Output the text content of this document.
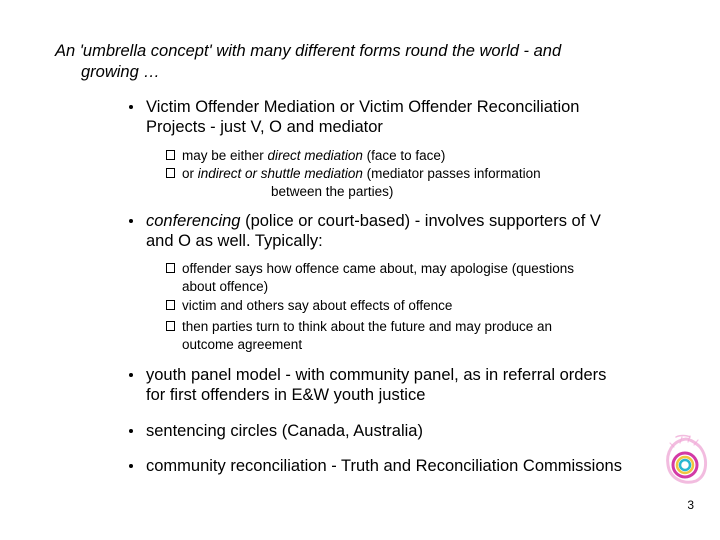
An 'umbrella concept' with many different forms round the world - and
growing …
Victim Offender Mediation or Victim Offender Reconciliation
Projects - just V, O and mediator
may be either direct mediation (face to face)
or indirect or shuttle mediation (mediator passes information
between the parties)
conferencing (police or court-based) - involves supporters of V
and O as well. Typically:
offender says how offence came about, may apologise (questions
about offence)
victim and others say about effects of offence
then parties turn to think about the future and may produce an
outcome agreement
youth panel model - with community panel, as in referral orders
for first offenders in E&W youth justice
sentencing circles (Canada, Australia)
community reconciliation - Truth and Reconciliation Commissions
3
